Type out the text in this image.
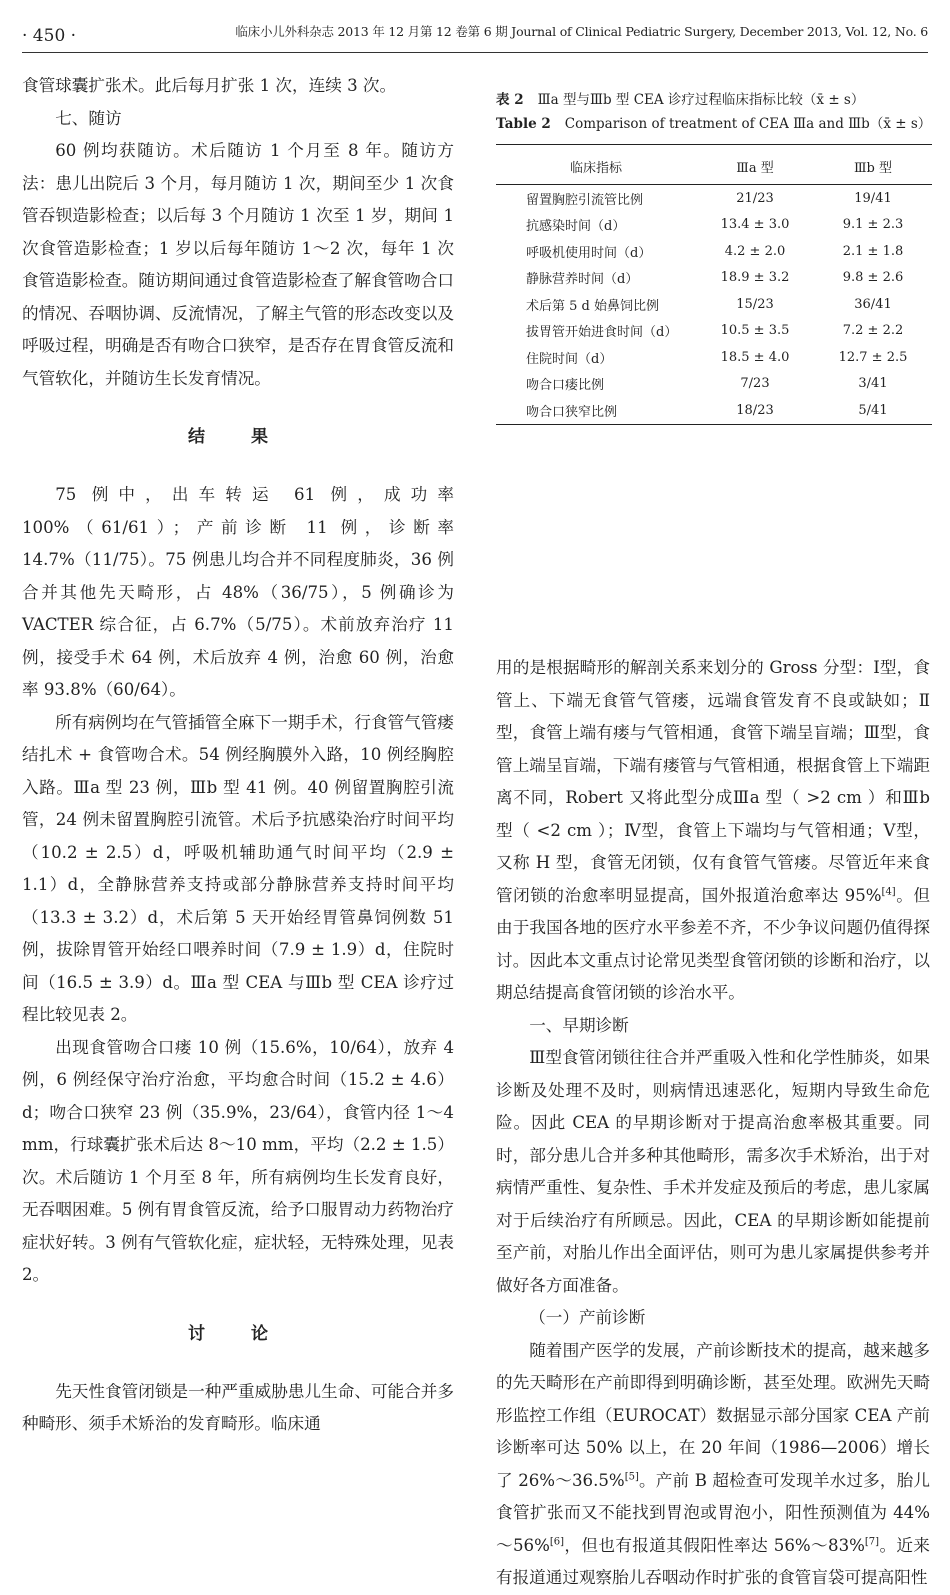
· 450 ·	临床小儿外科杂志 2013 年 12 月第 12 卷第 6 期 Journal of Clinical Pediatric Surgery, December 2013, Vol. 12, No. 6

食管球囊扩张术。此后每月扩张 1 次，连续 3 次。

七、随访

60 例均获随访。术后随访 1 个月至 8 年。随访方法：患儿出院后 3 个月，每月随访 1 次，期间至少 1 次食管吞钡造影检查；以后每 3 个月随访 1 次至 1 岁，期间 1 次食管造影检查；1 岁以后每年随访 1～2 次，每年 1 次食管造影检查。随访期间通过食管造影检查了解食管吻合口的情况、吞咽协调、反流情况，了解主气管的形态改变以及呼吸过程，明确是否有吻合口狭窄，是否存在胃食管反流和气管软化，并随访生长发育情况。

结 果

75 例中，出车转运 61 例，成功率 100%（61/61）；产前诊断 11 例，诊断率 14.7%（11/75）。75 例患儿均合并不同程度肺炎，36 例合并其他先天畸形，占 48%（36/75），5 例确诊为 VACTER 综合征，占 6.7%（5/75）。术前放弃治疗 11 例，接受手术 64 例，术后放弃 4 例，治愈 60 例，治愈率 93.8%（60/64）。

所有病例均在气管插管全麻下一期手术，行食管气管瘘结扎术 + 食管吻合术。54 例经胸膜外入路，10 例经胸腔入路。Ⅲa 型 23 例，Ⅲb 型 41 例。40 例留置胸腔引流管，24 例未留置胸腔引流管。术后予抗感染治疗时间平均（10.2 ± 2.5）d，呼吸机辅助通气时间平均（2.9 ± 1.1）d，全静脉营养支持或部分静脉营养支持时间平均（13.3 ± 3.2）d，术后第 5 天开始经胃管鼻饲例数 51 例，拔除胃管开始经口喂养时间（7.9 ± 1.9）d，住院时间（16.5 ± 3.9）d。Ⅲa 型 CEA 与Ⅲb 型 CEA 诊疗过程比较见表 2。

出现食管吻合口瘘 10 例（15.6%，10/64），放弃 4 例，6 例经保守治疗治愈，平均愈合时间（15.2 ± 4.6）d；吻合口狭窄 23 例（35.9%，23/64），食管内径 1～4 mm，行球囊扩张术后达 8～10 mm，平均（2.2 ± 1.5）次。术后随访 1 个月至 8 年，所有病例均生长发育良好，无吞咽困难。5 例有胃食管反流，给予口服胃动力药物治疗症状好转。3 例有气管软化症，症状轻，无特殊处理，见表 2。

讨 论

先天性食管闭锁是一种严重威胁患儿生命、可能合并多种畸形、须手术矫治的发育畸形。临床通

表 2 Ⅲa 型与Ⅲb 型 CEA 诊疗过程临床指标比较（x̄ ± s）
Table 2 Comparison of treatment of CEA Ⅲa and Ⅲb（x̄ ± s）
临床指标	Ⅲa 型	Ⅲb 型
留置胸腔引流管比例	21/23	19/41
抗感染时间（d）	13.4 ± 3.0	9.1 ± 2.3
呼吸机使用时间（d）	4.2 ± 2.0	2.1 ± 1.8
静脉营养时间（d）	18.9 ± 3.2	9.8 ± 2.6
术后第 5 d 始鼻饲比例	15/23	36/41
拔胃管开始进食时间（d）	10.5 ± 3.5	7.2 ± 2.2
住院时间（d）	18.5 ± 4.0	12.7 ± 2.5
吻合口瘘比例	7/23	3/41
吻合口狭窄比例	18/23	5/41

用的是根据畸形的解剖关系来划分的 Gross 分型：Ⅰ型，食管上、下端无食管气管瘘，远端食管发育不良或缺如；Ⅱ型，食管上端有瘘与气管相通，食管下端呈盲端；Ⅲ型，食管上端呈盲端，下端有瘘管与气管相通，根据食管上下端距离不同，Robert 又将此型分成Ⅲa 型（ >2 cm ）和Ⅲb 型（ <2 cm ）；Ⅳ型，食管上下端均与气管相通；Ⅴ型，又称 H 型，食管无闭锁，仅有食管气管瘘。尽管近年来食管闭锁的治愈率明显提高，国外报道治愈率达 95%[4]。但由于我国各地的医疗水平参差不齐，不少争议问题仍值得探讨。因此本文重点讨论常见类型食管闭锁的诊断和治疗，以期总结提高食管闭锁的诊治水平。

一、早期诊断

Ⅲ型食管闭锁往往合并严重吸入性和化学性肺炎，如果诊断及处理不及时，则病情迅速恶化，短期内导致生命危险。因此 CEA 的早期诊断对于提高治愈率极其重要。同时，部分患儿合并多种其他畸形，需多次手术矫治，出于对病情严重性、复杂性、手术并发症及预后的考虑，患儿家属对于后续治疗有所顾忌。因此，CEA 的早期诊断如能提前至产前，对胎儿作出全面评估，则可为患儿家属提供参考并做好各方面准备。

（一）产前诊断

随着围产医学的发展，产前诊断技术的提高，越来越多的先天畸形在产前即得到明确诊断，甚至处理。欧洲先天畸形监控工作组（EUROCAT）数据显示部分国家 CEA 产前诊断率可达 50% 以上，在 20 年间（1986—2006）增长了 26%～36.5%[5]。产前 B 超检查可发现羊水过多，胎儿食管扩张而又不能找到胃泡或胃泡小，阳性预测值为 44%～56%[6]，但也有报道其假阳性率达 56%～83%[7]。近来有报道通过观察胎儿吞咽动作时扩张的食管盲袋可提高阳性
